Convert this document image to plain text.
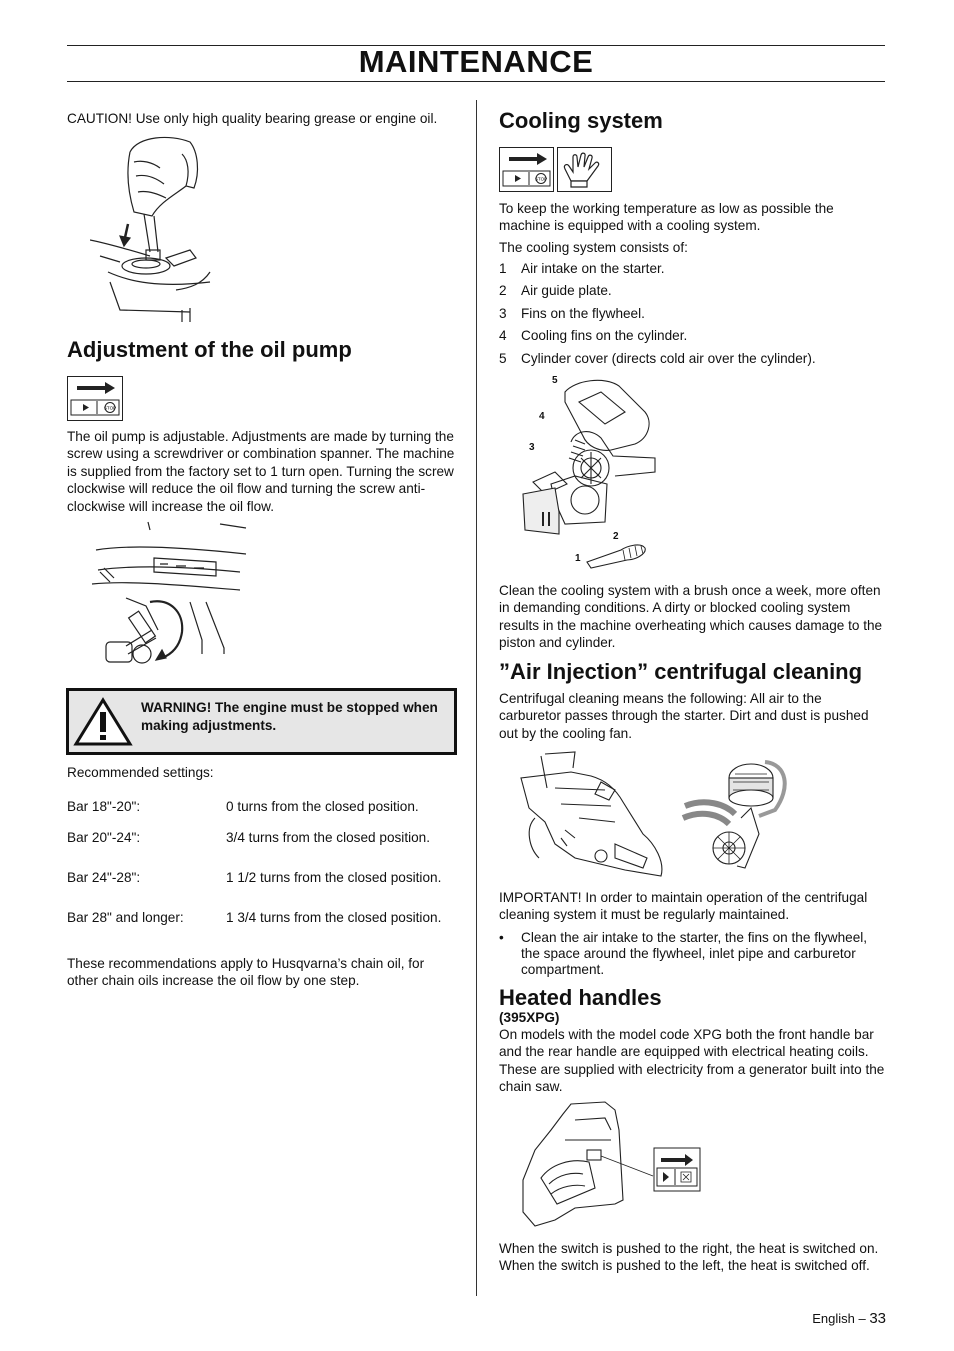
MAINTENANCE

CAUTION! Use only high quality bearing grease or engine oil.

Adjustment of the oil pump
STOP

The oil pump is adjustable. Adjustments are made by turning the screw using a screwdriver or combination spanner. The machine is supplied from the factory set to 1 turn open. Turning the screw clockwise will reduce the oil flow and turning the screw anti-clockwise will increase the oil flow.

WARNING! The engine must be stopped when making adjustments.

Recommended settings:

Bar 18"-20":	0 turns from the closed position.
Bar 20"-24":	3/4 turns from the closed position.
Bar 24"-28":	1 1/2 turns from the closed position.
Bar 28" and longer:	1 3/4 turns from the closed position.

These recommendations apply to Husqvarna’s chain oil, for other chain oils increase the oil flow by one step.

Cooling system
STOP

To keep the working temperature as low as possible the machine is equipped with a cooling system.

The cooling system consists of:

1 Air intake on the starter.
2 Air guide plate.
3 Fins on the flywheel.
4 Cooling fins on the cylinder.
5 Cylinder cover (directs cold air over the cylinder).
5
4
3
2
1

Clean the cooling system with a brush once a week, more often in demanding conditions. A dirty or blocked cooling system results in the machine overheating which causes damage to the piston and cylinder.

”Air Injection” centrifugal cleaning

Centrifugal cleaning means the following: All air to the carburetor passes through the starter. Dirt and dust is pushed out by the cooling fan.

IMPORTANT! In order to maintain operation of the centrifugal cleaning system it must be regularly maintained.

• Clean the air intake to the starter, the fins on the flywheel, the space around the flywheel, inlet pipe and carburetor compartment.
Heated handles

(395XPG)

On models with the model code XPG both the front handle bar and the rear handle are equipped with electrical heating coils. These are supplied with electricity from a generator built into the chain saw.

When the switch is pushed to the right, the heat is switched on. When the switch is pushed to the left, the heat is switched off.

English – 33
